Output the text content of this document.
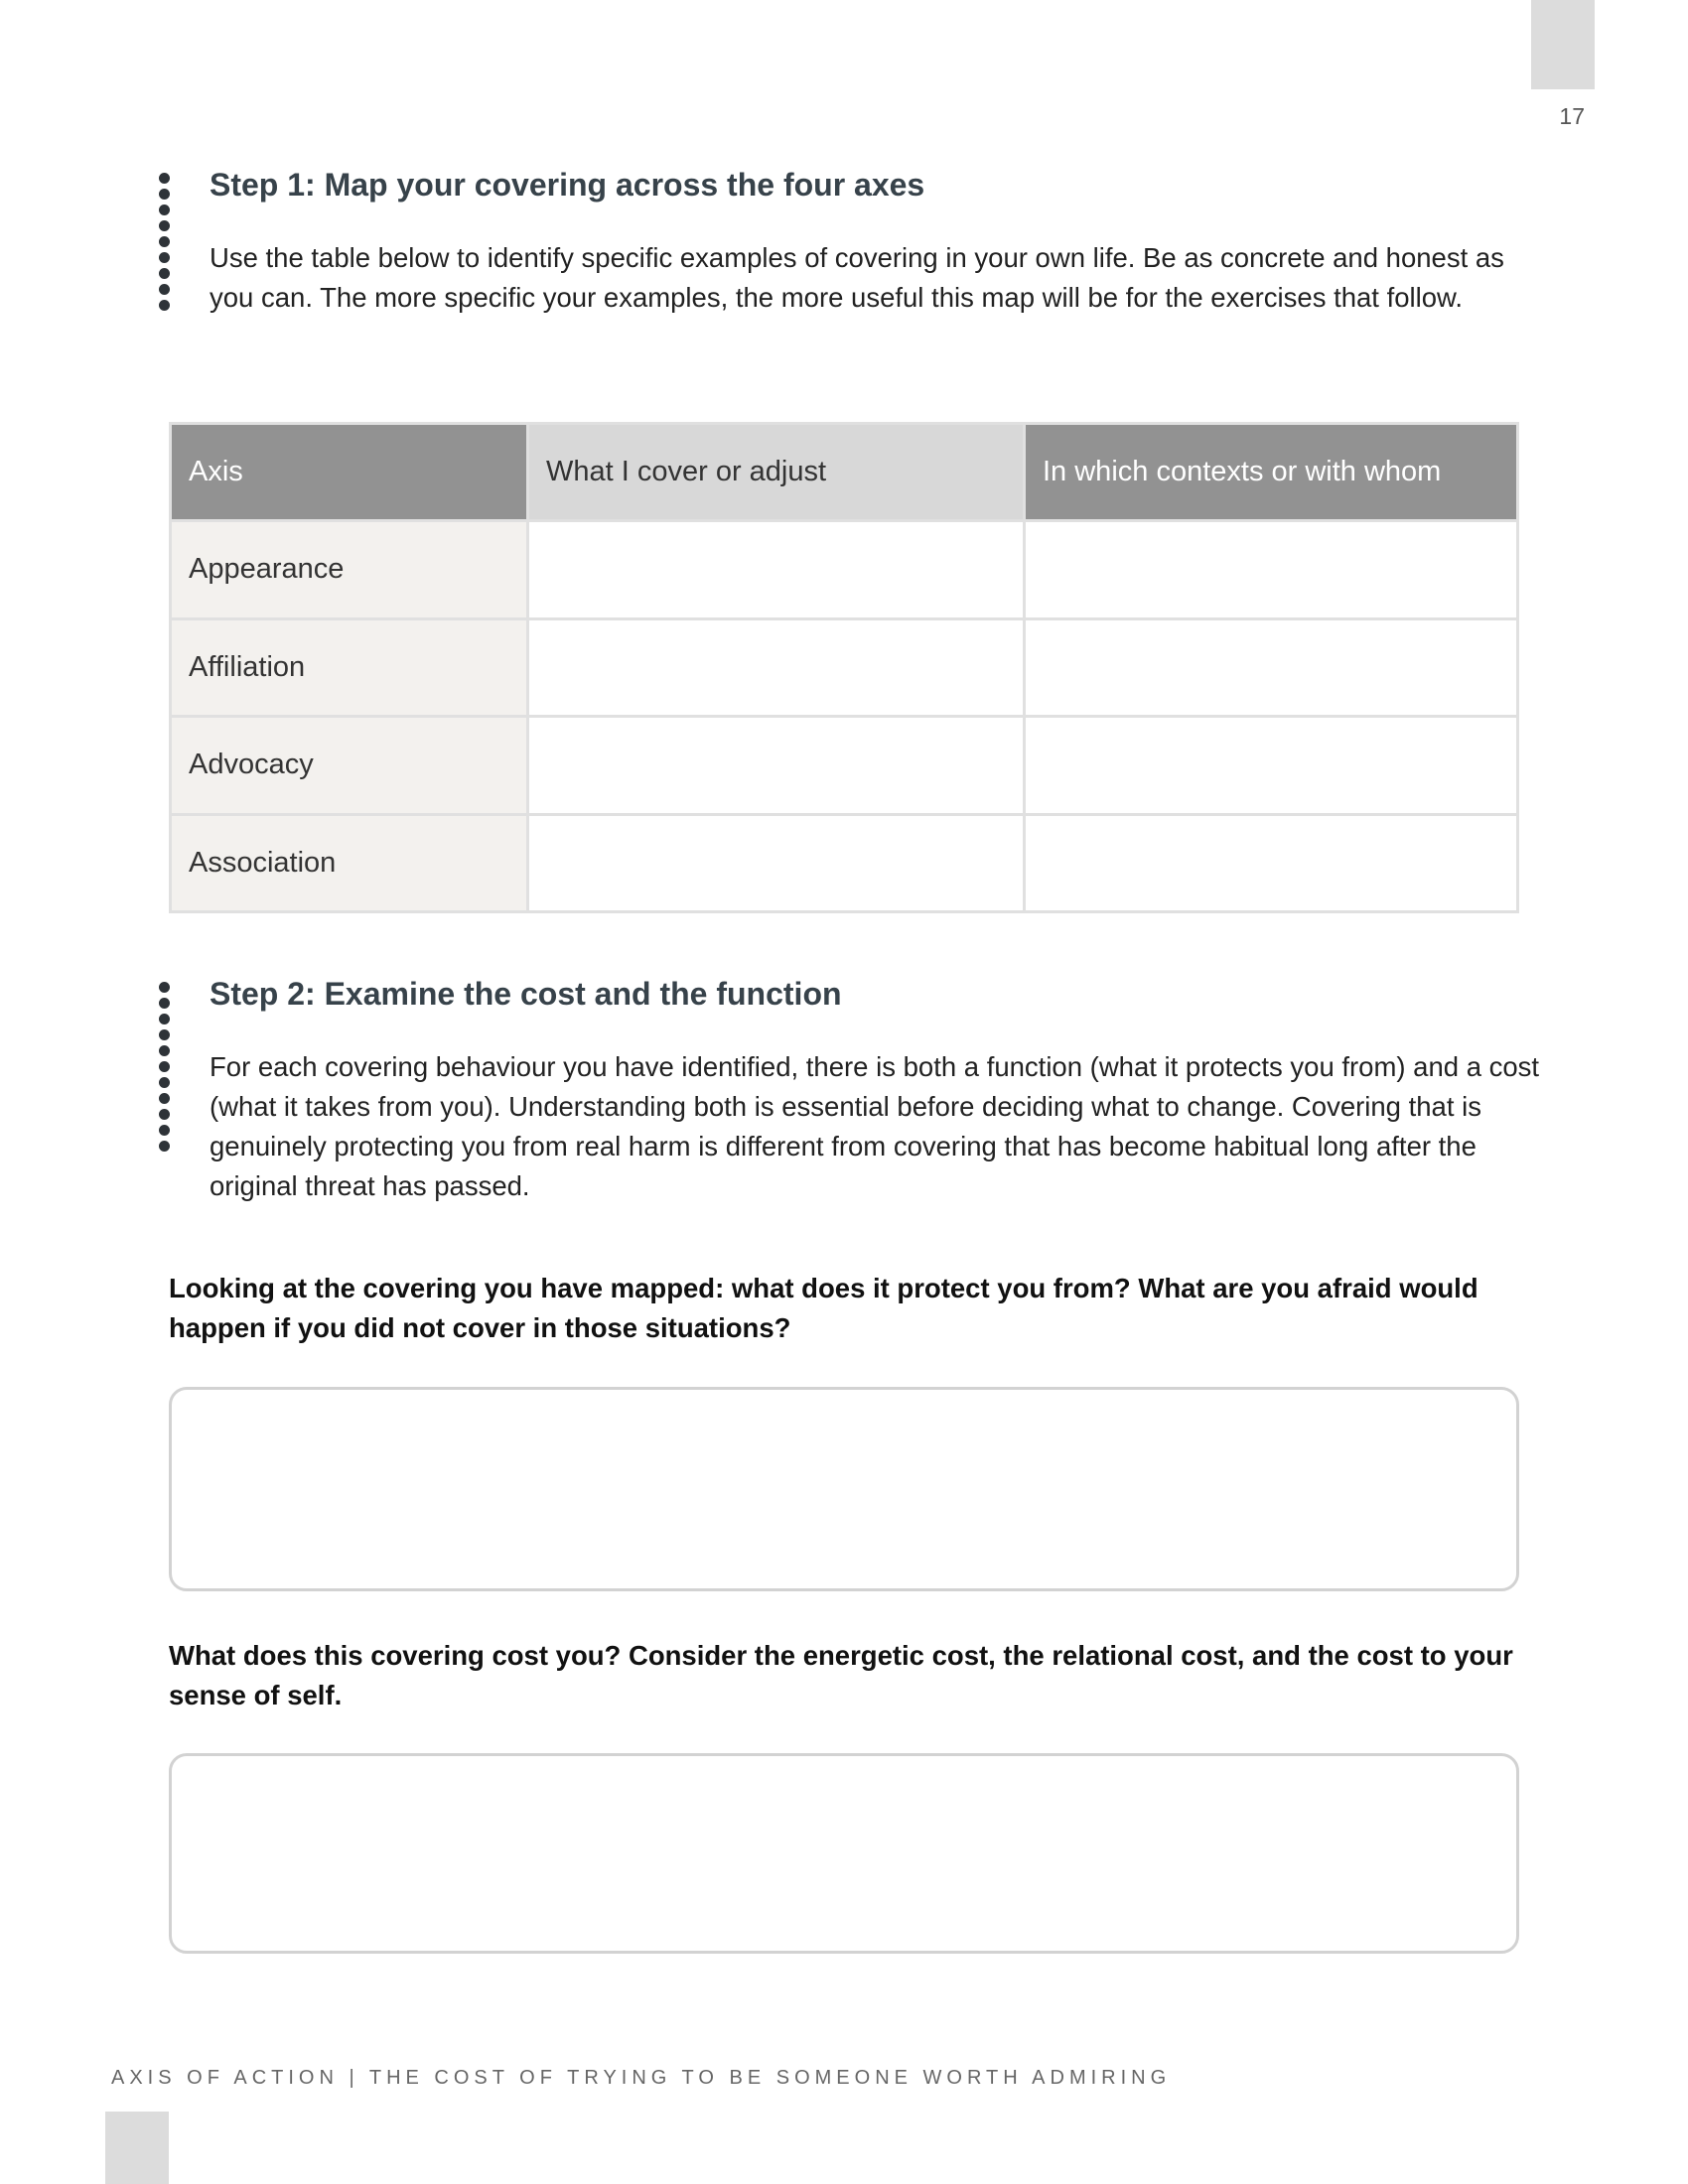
17
Step 1: Map your covering across the four axes

Use the table below to identify specific examples of covering in your own life. Be as concrete and honest as you can. The more specific your examples, the more useful this map will be for the exercises that follow.

Axis	What I cover or adjust	In which contexts or with whom
Appearance		
Affiliation		
Advocacy		
Association		
Step 2: Examine the cost and the function

For each covering behaviour you have identified, there is both a function (what it protects you from) and a cost (what it takes from you). Understanding both is essential before deciding what to change. Covering that is genuinely protecting you from real harm is different from covering that has become habitual long after the original threat has passed.

Looking at the covering you have mapped: what does it protect you from? What are you afraid would happen if you did not cover in those situations?

What does this covering cost you? Consider the energetic cost, the relational cost, and the cost to your sense of self.

AXIS OF ACTION | THE COST OF TRYING TO BE SOMEONE WORTH ADMIRING
